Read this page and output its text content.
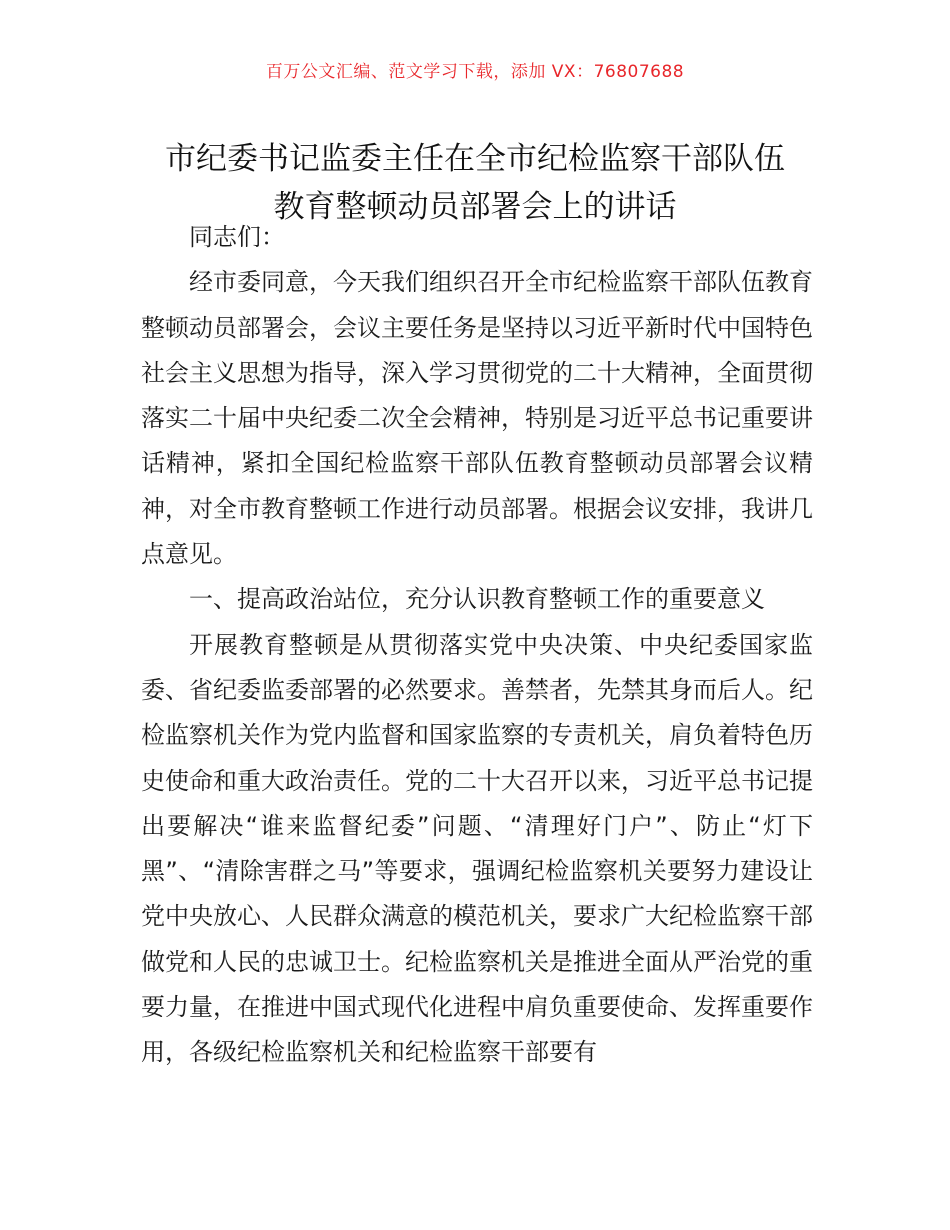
百万公文汇编、范文学习下载，添加 VX：76807688
市纪委书记监委主任在全市纪检监察干部队伍
教育整顿动员部署会上的讲话

同志们：

经市委同意，今天我们组织召开全市纪检监察干部队伍教育整顿动员部署会，会议主要任务是坚持以习近平新时代中国特色社会主义思想为指导，深入学习贯彻党的二十大精神，全面贯彻落实二十届中央纪委二次全会精神，特别是习近平总书记重要讲话精神，紧扣全国纪检监察干部队伍教育整顿动员部署会议精神，对全市教育整顿工作进行动员部署。根据会议安排，我讲几点意见。

一、提高政治站位，充分认识教育整顿工作的重要意义

开展教育整顿是从贯彻落实党中央决策、中央纪委国家监委、省纪委监委部署的必然要求。善禁者，先禁其身而后人。纪检监察机关作为党内监督和国家监察的专责机关，肩负着特色历史使命和重大政治责任。党的二十大召开以来，习近平总书记提出要解决“谁来监督纪委”问题、“清理好门户”、防止“灯下黑”、“清除害群之马”等要求，强调纪检监察机关要努力建设让党中央放心、人民群众满意的模范机关，要求广大纪检监察干部做党和人民的忠诚卫士。纪检监察机关是推进全面从严治党的重要力量，在推进中国式现代化进程中肩负重要使命、发挥重要作用，各级纪检监察机关和纪检监察干部要有
